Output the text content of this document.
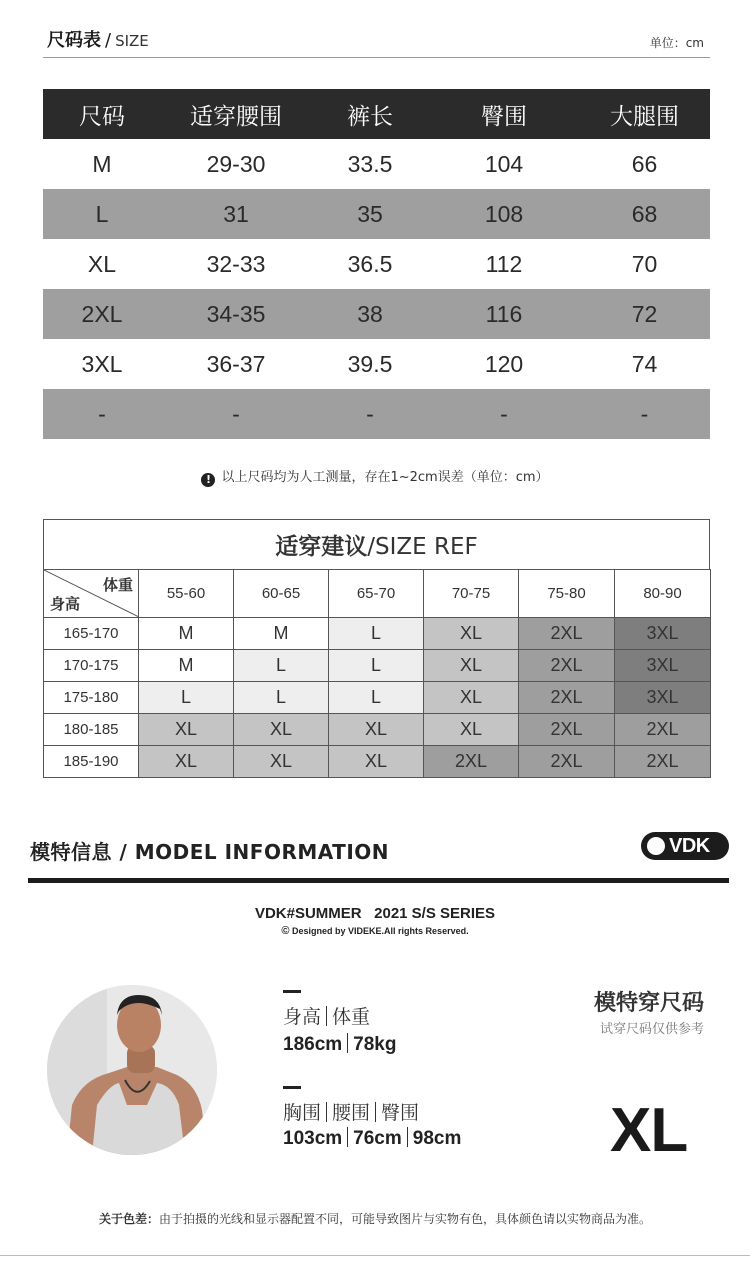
尺码表 / SIZE	单位：cm
尺码	适穿腰围	裤长	臀围	大腿围
M	29-30	33.5	104	66
L	31	35	108	68
XL	32-33	36.5	112	70
2XL	34-35	38	116	72
3XL	36-37	39.5	120	74
-	-	-	-	-
! 以上尺码均为人工测量，存在1~2cm误差（单位：cm）
适穿建议/SIZE REF
体重
身高	55-60	60-65	65-70	70-75	75-80	80-90
165-170	M	M	L	XL	2XL	3XL
170-175	M	L	L	XL	2XL	3XL
175-180	L	L	L	XL	2XL	3XL
180-185	XL	XL	XL	XL	2XL	2XL
185-190	XL	XL	XL	2XL	2XL	2XL
模特信息 / MODEL INFORMATION	VDK
VDK#SUMMER   2021 S/S SERIES
© Designed by VIDEKE.All rights Reserved.
身高 体重
186cm 78kg
胸围 腰围 臀围
103cm 76cm 98cm
模特穿尺码
试穿尺码仅供参考
XL
关于色差：由于拍摄的光线和显示器配置不同，可能导致图片与实物有色，具体颜色请以实物商品为准。
